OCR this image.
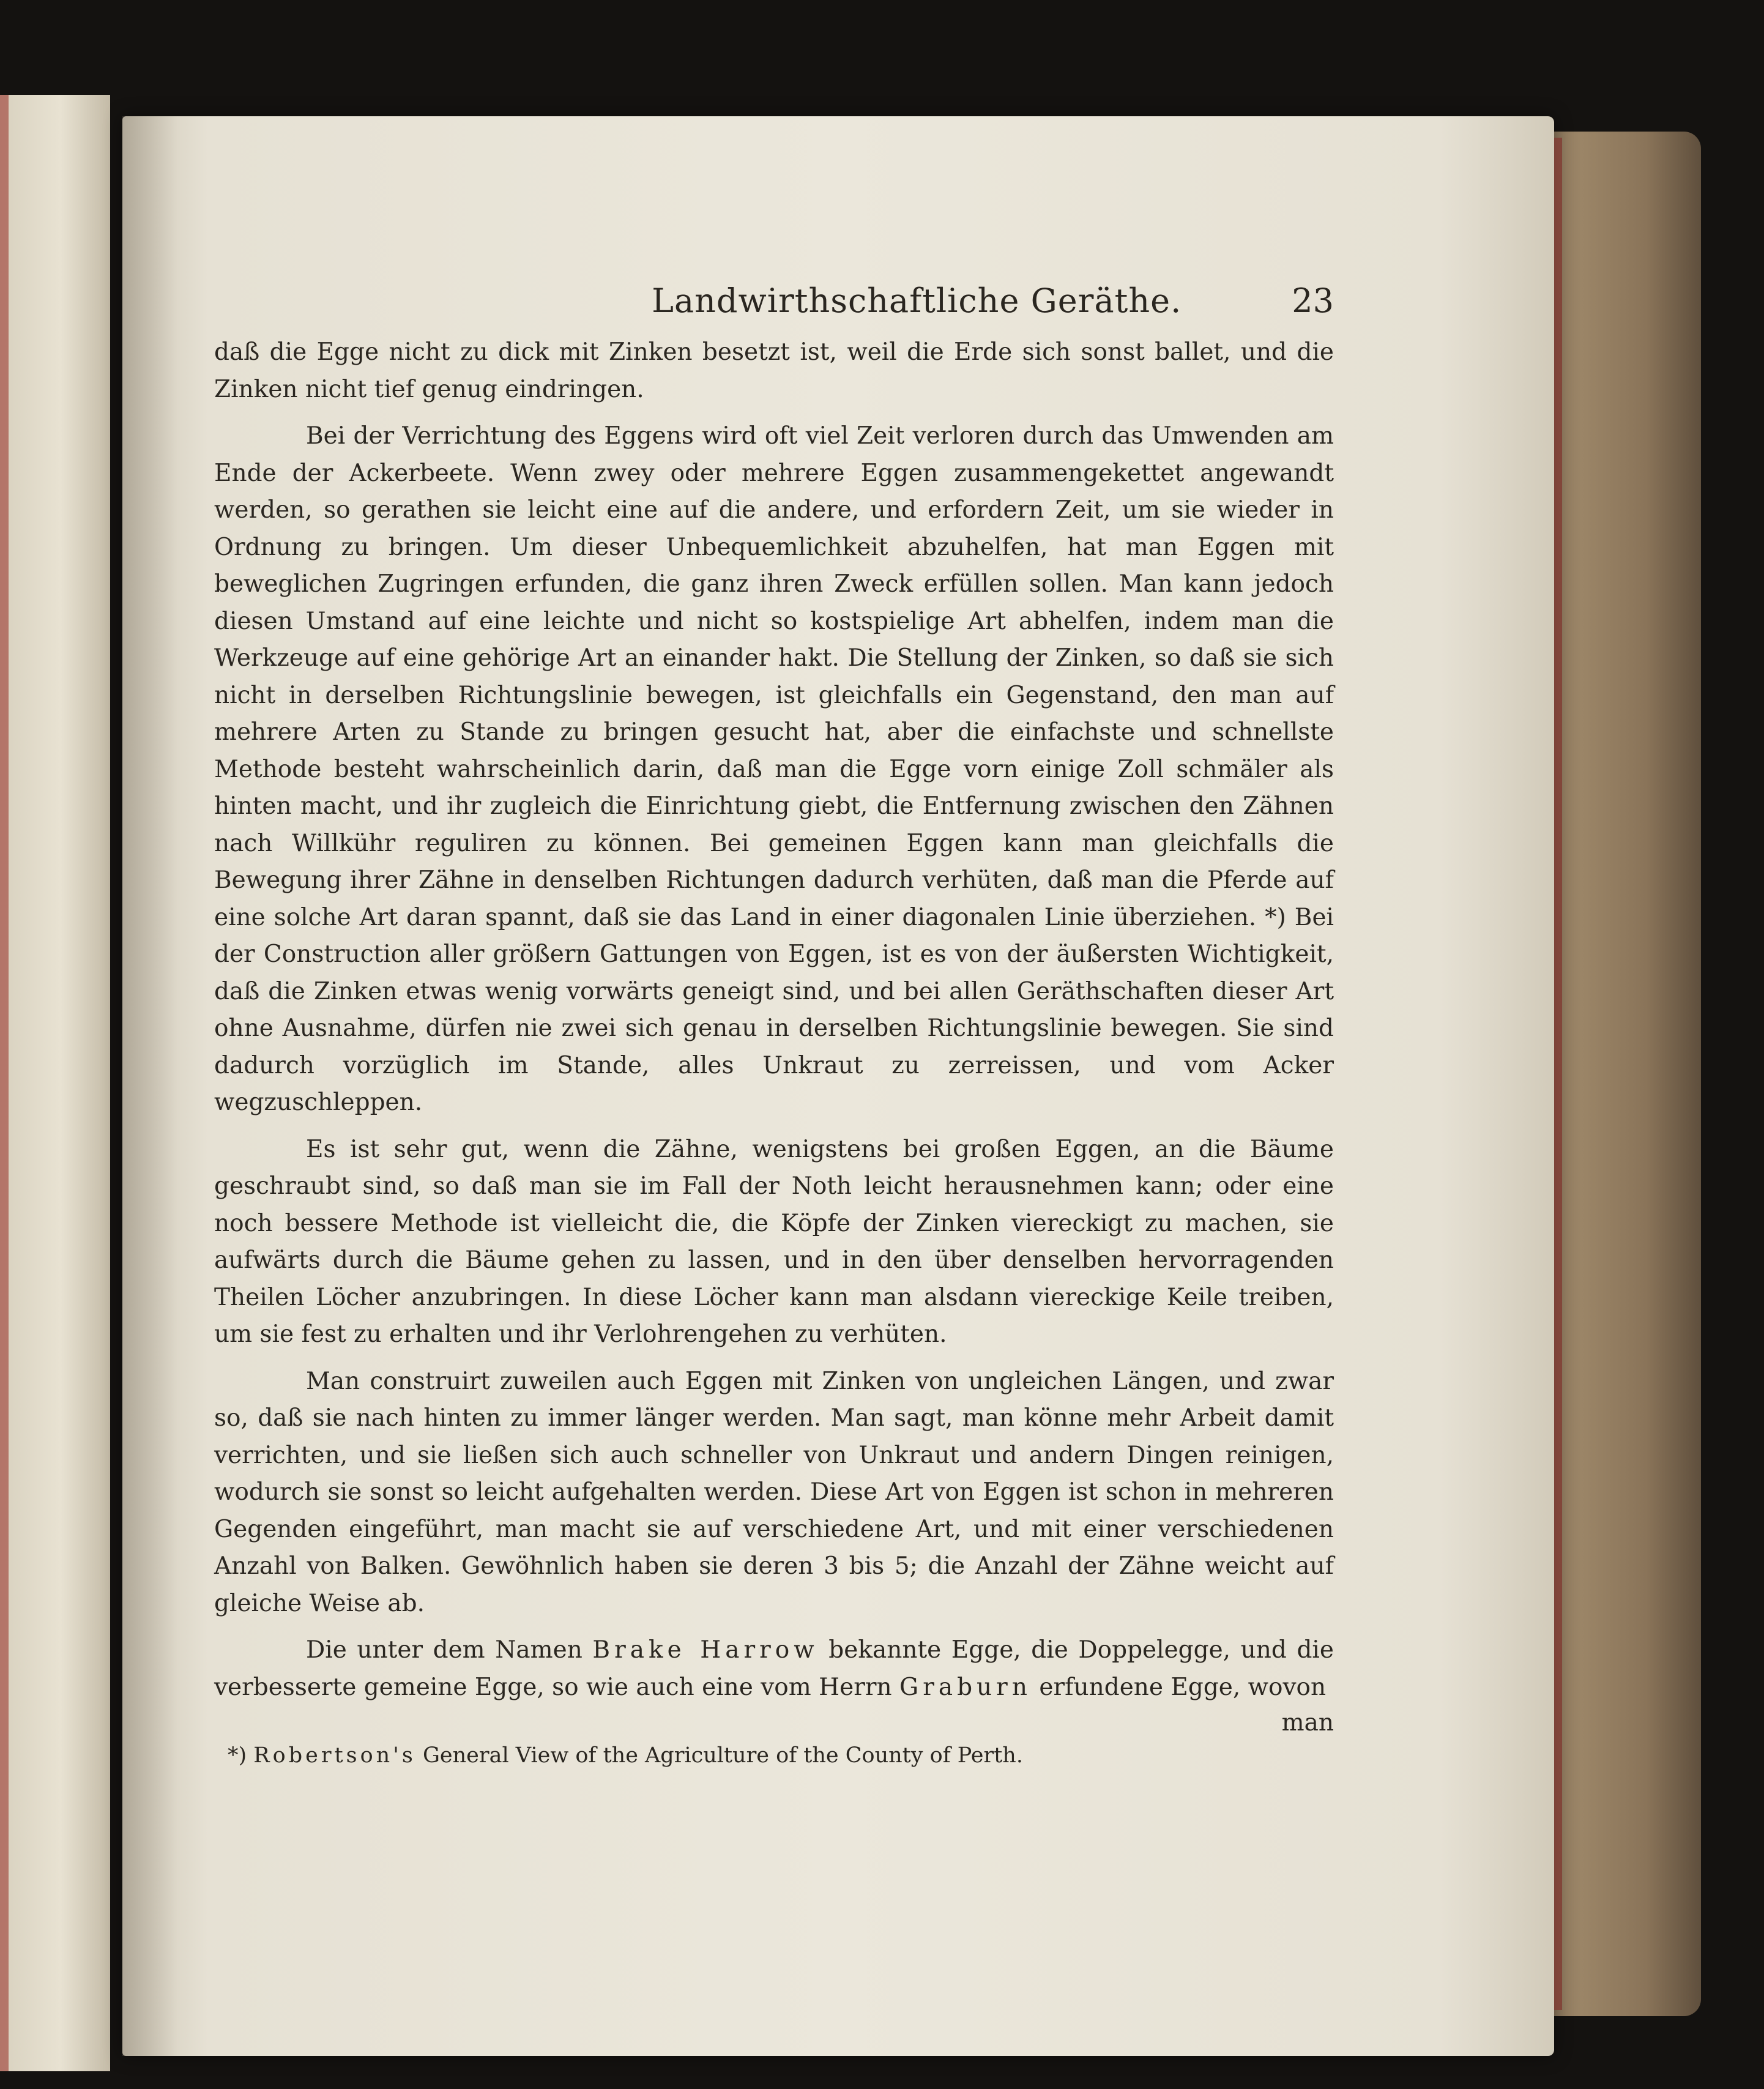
Landwirthschaftliche Geräthe.	23

daß die Egge nicht zu dick mit Zinken besetzt ist, weil die Erde sich sonst ballet, und die Zinken nicht tief genug eindringen.

Bei der Verrichtung des Eggens wird oft viel Zeit verloren durch das Umwenden am Ende der Ackerbeete. Wenn zwey oder mehrere Eggen zusammengekettet angewandt werden, so gerathen sie leicht eine auf die andere, und erfordern Zeit, um sie wieder in Ordnung zu bringen. Um dieser Unbequemlichkeit abzuhelfen, hat man Eggen mit beweglichen Zugringen erfunden, die ganz ihren Zweck erfüllen sollen. Man kann jedoch diesen Umstand auf eine leichte und nicht so kostspielige Art abhelfen, indem man die Werkzeuge auf eine gehörige Art an einander hakt. Die Stellung der Zinken, so daß sie sich nicht in derselben Richtungslinie bewegen, ist gleichfalls ein Gegenstand, den man auf mehrere Arten zu Stande zu bringen gesucht hat, aber die einfachste und schnellste Methode besteht wahrscheinlich darin, daß man die Egge vorn einige Zoll schmäler als hinten macht, und ihr zugleich die Einrichtung giebt, die Entfernung zwischen den Zähnen nach Willkühr reguliren zu können. Bei gemeinen Eggen kann man gleichfalls die Bewegung ihrer Zähne in denselben Richtungen dadurch verhüten, daß man die Pferde auf eine solche Art daran spannt, daß sie das Land in einer diagonalen Linie überziehen. *) Bei der Construction aller größern Gattungen von Eggen, ist es von der äußersten Wichtigkeit, daß die Zinken etwas wenig vorwärts geneigt sind, und bei allen Geräthschaften dieser Art ohne Ausnahme, dürfen nie zwei sich genau in derselben Richtungslinie bewegen. Sie sind dadurch vorzüglich im Stande, alles Unkraut zu zerreissen, und vom Acker wegzuschleppen.

Es ist sehr gut, wenn die Zähne, wenigstens bei großen Eggen, an die Bäume geschraubt sind, so daß man sie im Fall der Noth leicht herausnehmen kann; oder eine noch bessere Methode ist vielleicht die, die Köpfe der Zinken viereckigt zu machen, sie aufwärts durch die Bäume gehen zu lassen, und in den über denselben hervorragenden Theilen Löcher anzubringen. In diese Löcher kann man alsdann viereckige Keile treiben, um sie fest zu erhalten und ihr Verlohrengehen zu verhüten.

Man construirt zuweilen auch Eggen mit Zinken von ungleichen Längen, und zwar so, daß sie nach hinten zu immer länger werden. Man sagt, man könne mehr Arbeit damit verrichten, und sie ließen sich auch schneller von Unkraut und andern Dingen reinigen, wodurch sie sonst so leicht aufgehalten werden. Diese Art von Eggen ist schon in mehreren Gegenden eingeführt, man macht sie auf verschiedene Art, und mit einer verschiedenen Anzahl von Balken. Gewöhnlich haben sie deren 3 bis 5; die Anzahl der Zähne weicht auf gleiche Weise ab.

Die unter dem Namen Brake Harrow bekannte Egge, die Doppelegge, und die verbesserte gemeine Egge, so wie auch eine vom Herrn Graburn erfundene Egge, wovon

man
*) Robertson's General View of the Agriculture of the County of Perth.
